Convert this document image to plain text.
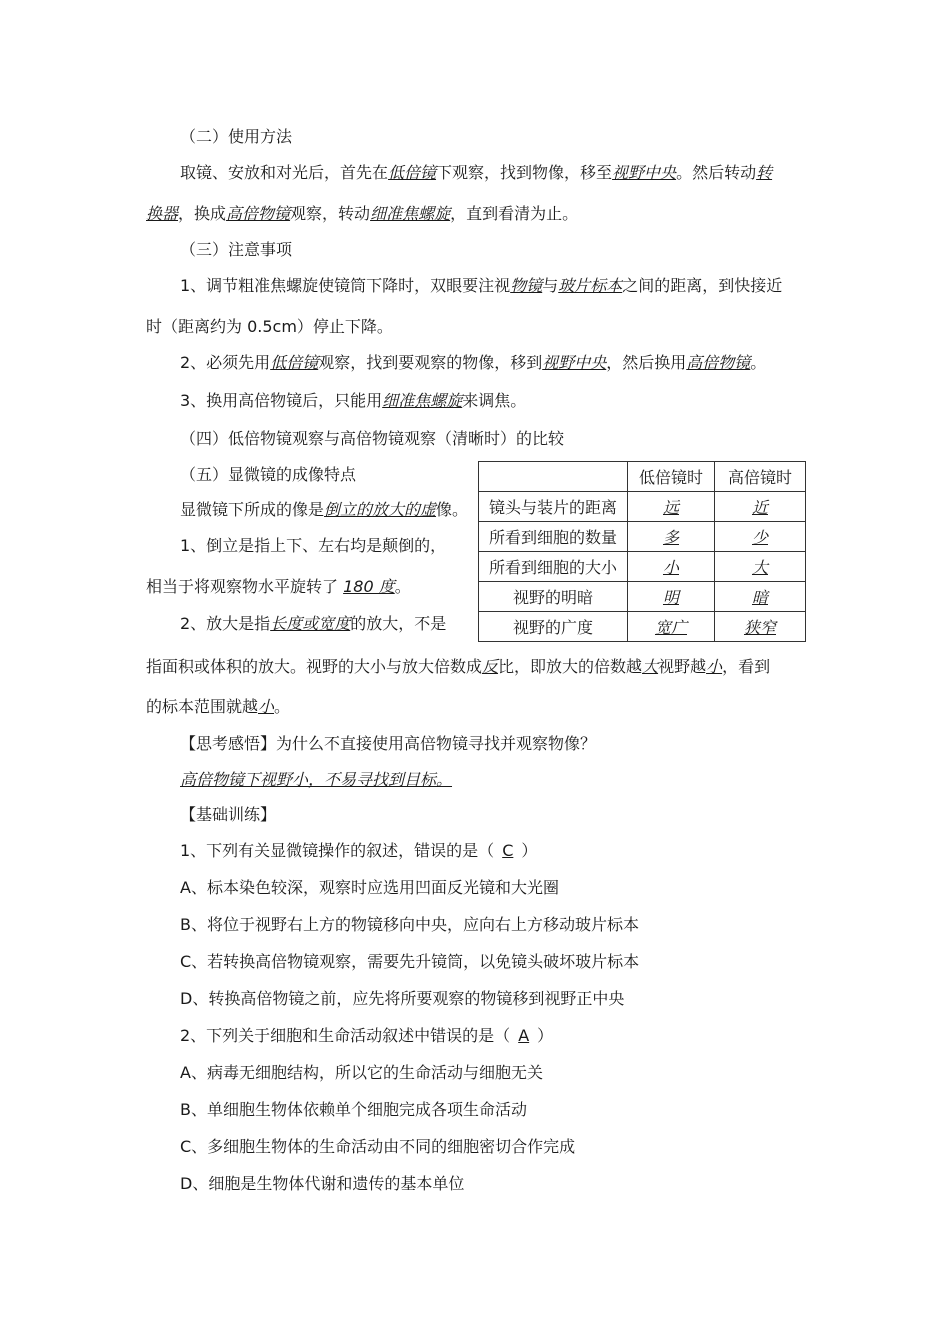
（二）使用方法
取镜、安放和对光后，首先在低倍镜下观察，找到物像，移至视野中央。然后转动转
换器，换成高倍物镜观察，转动细准焦螺旋，直到看清为止。
（三）注意事项
1、调节粗准焦螺旋使镜筒下降时，双眼要注视物镜与玻片标本之间的距离，到快接近
时（距离约为 0.5cm）停止下降。
2、必须先用低倍镜观察，找到要观察的物像，移到视野中央，然后换用高倍物镜。
3、换用高倍物镜后，只能用细准焦螺旋来调焦。
（四）低倍物镜观察与高倍物镜观察（清晰时）的比较
（五）显微镜的成像特点
显微镜下所成的像是倒立的放大的虚像。
1、倒立是指上下、左右均是颠倒的，
相当于将观察物水平旋转了 180 度。
2、放大是指长度或宽度的放大，不是
指面积或体积的放大。视野的大小与放大倍数成反比，即放大的倍数越大视野越小，看到
的标本范围就越小。
	低倍镜时	高倍镜时
镜头与装片的距离	远	近
所看到细胞的数量	多	少
所看到细胞的大小	小	大
视野的明暗	明	暗
视野的广度	宽广	狭窄
【思考感悟】为什么不直接使用高倍物镜寻找并观察物像？
高倍物镜下视野小，不易寻找到目标。
【基础训练】
1、下列有关显微镜操作的叙述，错误的是（ C ）
A、标本染色较深，观察时应选用凹面反光镜和大光圈
B、将位于视野右上方的物镜移向中央，应向右上方移动玻片标本
C、若转换高倍物镜观察，需要先升镜筒，以免镜头破坏玻片标本
D、转换高倍物镜之前，应先将所要观察的物镜移到视野正中央
2、下列关于细胞和生命活动叙述中错误的是（ A ）
A、病毒无细胞结构，所以它的生命活动与细胞无关
B、单细胞生物体依赖单个细胞完成各项生命活动
C、多细胞生物体的生命活动由不同的细胞密切合作完成
D、细胞是生物体代谢和遗传的基本单位
